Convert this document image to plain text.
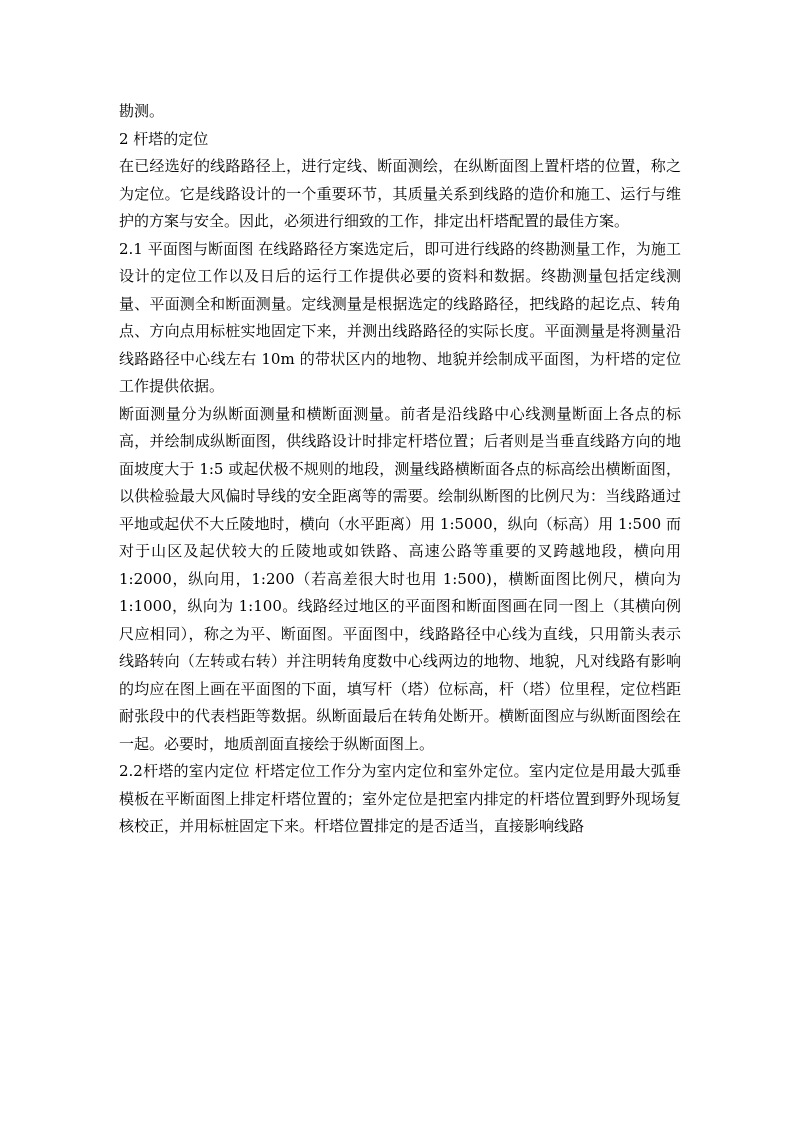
勘测。

2 杆塔的定位

在已经选好的线路路径上，进行定线、断面测绘，在纵断面图上置杆塔的位置，称之为定位。它是线路设计的一个重要环节，其质量关系到线路的造价和施工、运行与维护的方案与安全。因此，必须进行细致的工作，排定出杆塔配置的最佳方案。

2.1 平面图与断面图 在线路路径方案选定后，即可进行线路的终勘测量工作，为施工设计的定位工作以及日后的运行工作提供必要的资料和数据。终勘测量包括定线测量、平面测全和断面测量。定线测量是根据选定的线路路径，把线路的起讫点、转角点、方向点用标桩实地固定下来，并测出线路路径的实际长度。平面测量是将测量沿线路路径中心线左右 10m 的带状区内的地物、地貌并绘制成平面图，为杆塔的定位工作提供依据。

断面测量分为纵断面测量和横断面测量。前者是沿线路中心线测量断面上各点的标高，并绘制成纵断面图，供线路设计时排定杆塔位置；后者则是当垂直线路方向的地面坡度大于 1:5 或起伏极不规则的地段，测量线路横断面各点的标高绘出横断面图，以供检验最大风偏时导线的安全距离等的需要。绘制纵断图的比例尺为：当线路通过平地或起伏不大丘陵地时，横向（水平距离）用 1:5000，纵向（标高）用 1:500 而对于山区及起伏较大的丘陵地或如铁路、高速公路等重要的叉跨越地段，横向用 1:2000，纵向用，1:200（若高差很大时也用 1:500)，横断面图比例尺，横向为 1:1000，纵向为 1:100。线路经过地区的平面图和断面图画在同一图上（其横向例尺应相同），称之为平、断面图。平面图中，线路路径中心线为直线，只用箭头表示线路转向（左转或右转）并注明转角度数中心线两边的地物、地貌，凡对线路有影响的均应在图上画在平面图的下面，填写杆（塔）位标高，杆（塔）位里程，定位档距耐张段中的代表档距等数据。纵断面最后在转角处断开。横断面图应与纵断面图绘在一起。必要时，地质剖面直接绘于纵断面图上。

2.2杆塔的室内定位 杆塔定位工作分为室内定位和室外定位。室内定位是用最大弧垂模板在平断面图上排定杆塔位置的；室外定位是把室内排定的杆塔位置到野外现场复核校正，并用标桩固定下来。杆塔位置排定的是否适当，直接影响线路
